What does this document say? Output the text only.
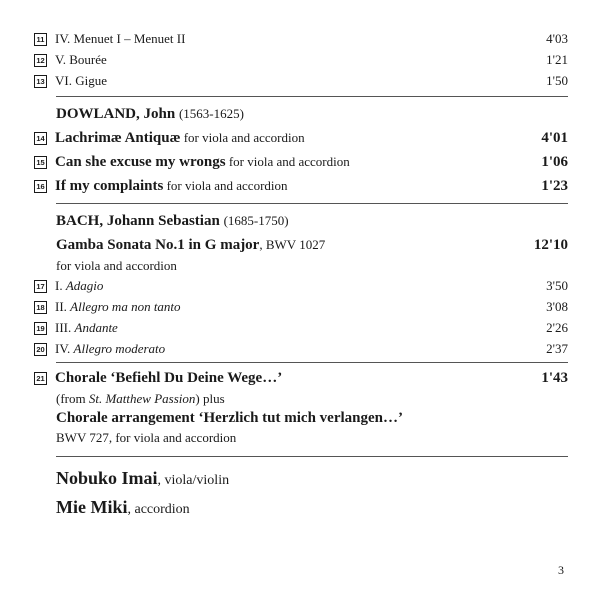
11 IV. Menuet I – Menuet II	4'03
12 V. Bourée	1'21
13 VI. Gigue	1'50
DOWLAND, John (1563-1625)
14 Lachrimæ Antiquæ for viola and accordion	4'01
15 Can she excuse my wrongs for viola and accordion	1'06
16 If my complaints for viola and accordion	1'23
BACH, Johann Sebastian (1685-1750)
Gamba Sonata No.1 in G major, BWV 1027	12'10
for viola and accordion
17 I. Adagio	3'50
18 II. Allegro ma non tanto	3'08
19 III. Andante	2'26
20 IV. Allegro moderato	2'37
21 Chorale ‘Befiehl Du Deine Wege…’	1'43
(from St. Matthew Passion) plus
Chorale arrangement ‘Herzlich tut mich verlangen…’
BWV 727, for viola and accordion
Nobuko Imai, viola/violin
Mie Miki, accordion
3
